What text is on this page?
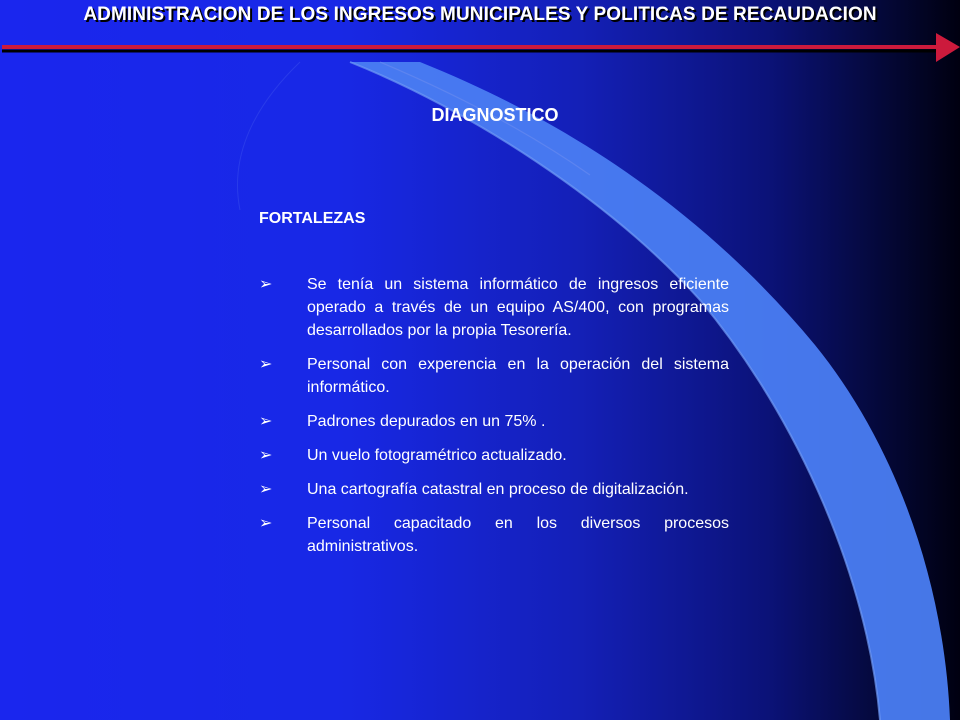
ADMINISTRACION DE LOS INGRESOS MUNICIPALES Y POLITICAS DE RECAUDACION
DIAGNOSTICO
FORTALEZAS
➢	Se tenía un sistema informático de ingresos eficiente operado a través de un equipo AS/400, con programas desarrollados por la propia Tesorería.
➢	Personal con experencia en la operación del sistema informático.
➢	Padrones depurados en un 75% .
➢	Un vuelo fotogramétrico actualizado.
➢	Una cartografía catastral en proceso de digitalización.
➢	Personal capacitado en los diversos procesos administrativos.
